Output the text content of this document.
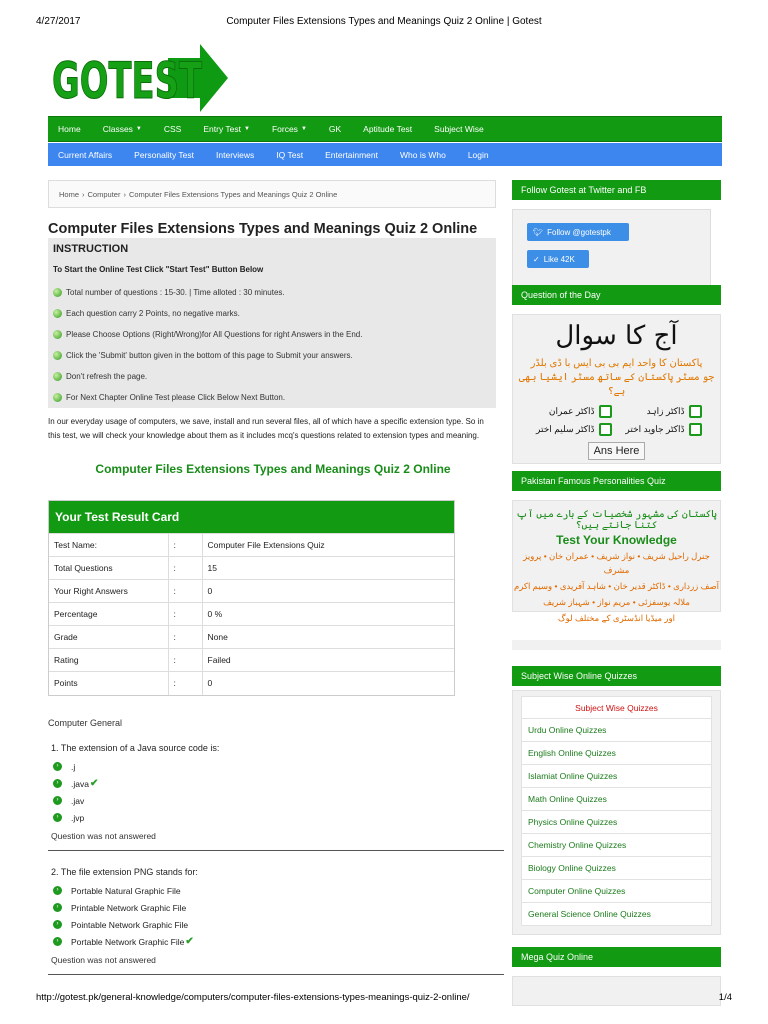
4/27/2017	Computer Files Extensions Types and Meanings Quiz 2 Online | Gotest
GOTEST
Home	Classes ▼	CSS	Entry Test ▼	Forces ▼	GK	Aptitude Test	Subject Wise
Current Affairs	Personality Test	Interviews	IQ Test	Entertainment	Who is Who	Login
Home › Computer › Computer Files Extensions Types and Meanings Quiz 2 Online
Computer Files Extensions Types and Meanings Quiz 2 Online
INSTRUCTION
To Start the Online Test Click "Start Test" Button Below
Total number of questions : 15-30. | Time alloted : 30 minutes.
Each question carry 2 Points, no negative marks.
Please Choose Options (Right/Wrong)for All Questions for right Answers in the End.
Click the 'Submit' button given in the bottom of this page to Submit your answers.
Don't refresh the page.
For Next Chapter Online Test please Click Below Next Button.
In our everyday usage of computers, we save, install and run several files, all of which have a specific extension type. So in this test, we will check your knowledge about them as it includes mcq's questions related to extension types and meaning.
Computer Files Extensions Types and Meanings Quiz 2 Online
Your Test Result Card
Test Name:	:	Computer File Extensions Quiz
Total Questions	:	15
Your Right Answers	:	0
Percentage	:	0 %
Grade	:	None
Rating	:	Failed
Points	:	0
Computer General
1. The extension of a Java source code is:
›	.j
›	.java ✔
›	.jav
›	.jvp
Question was not answered
2. The file extension PNG stands for:
›	Portable Natural Graphic File
›	Printable Network Graphic File
›	Pointable Network Graphic File
›	Portable Network Graphic File ✔
Question was not answered
Follow Gotest at Twitter and FB
🐦︎ Follow @gotestpk
✓ Like 42K
Question of the Day
آج کا سوال
پاکستان کا واحد ایم بی بی ایس با ڈی بلڈر
جو مسٹر پاکستان کے ساتھ مسٹر ایشیا بھی ہے؟
ڈاکٹر زاہد
ڈاکٹر عمران
ڈاکٹر جاوید اختر
ڈاکٹر سلیم اختر
Ans Here
Pakistan Famous Personalities Quiz
پاکستان کی مشہور شخصیات کے بارے میں آپ کتنا جانتے ہیں؟
Test Your Knowledge
جنرل راحیل شریف • نواز شریف • عمران خان • پرویز مشرف
آصف زرداری • ڈاکٹر قدیر خان • شاہد آفریدی • وسیم اکرم
ملالہ یوسفزئی • مریم نواز • شہباز شریف
اور میڈیا انڈسٹری کے مختلف لوگ
Subject Wise Online Quizzes
Subject Wise Quizzes
Urdu Online Quizzes
English Online Quizzes
Islamiat Online Quizzes
Math Online Quizzes
Physics Online Quizzes
Chemistry Online Quizzes
Biology Online Quizzes
Computer Online Quizzes
General Science Online Quizzes
Mega Quiz Online
http://gotest.pk/general-knowledge/computers/computer-files-extensions-types-meanings-quiz-2-online/	1/4
